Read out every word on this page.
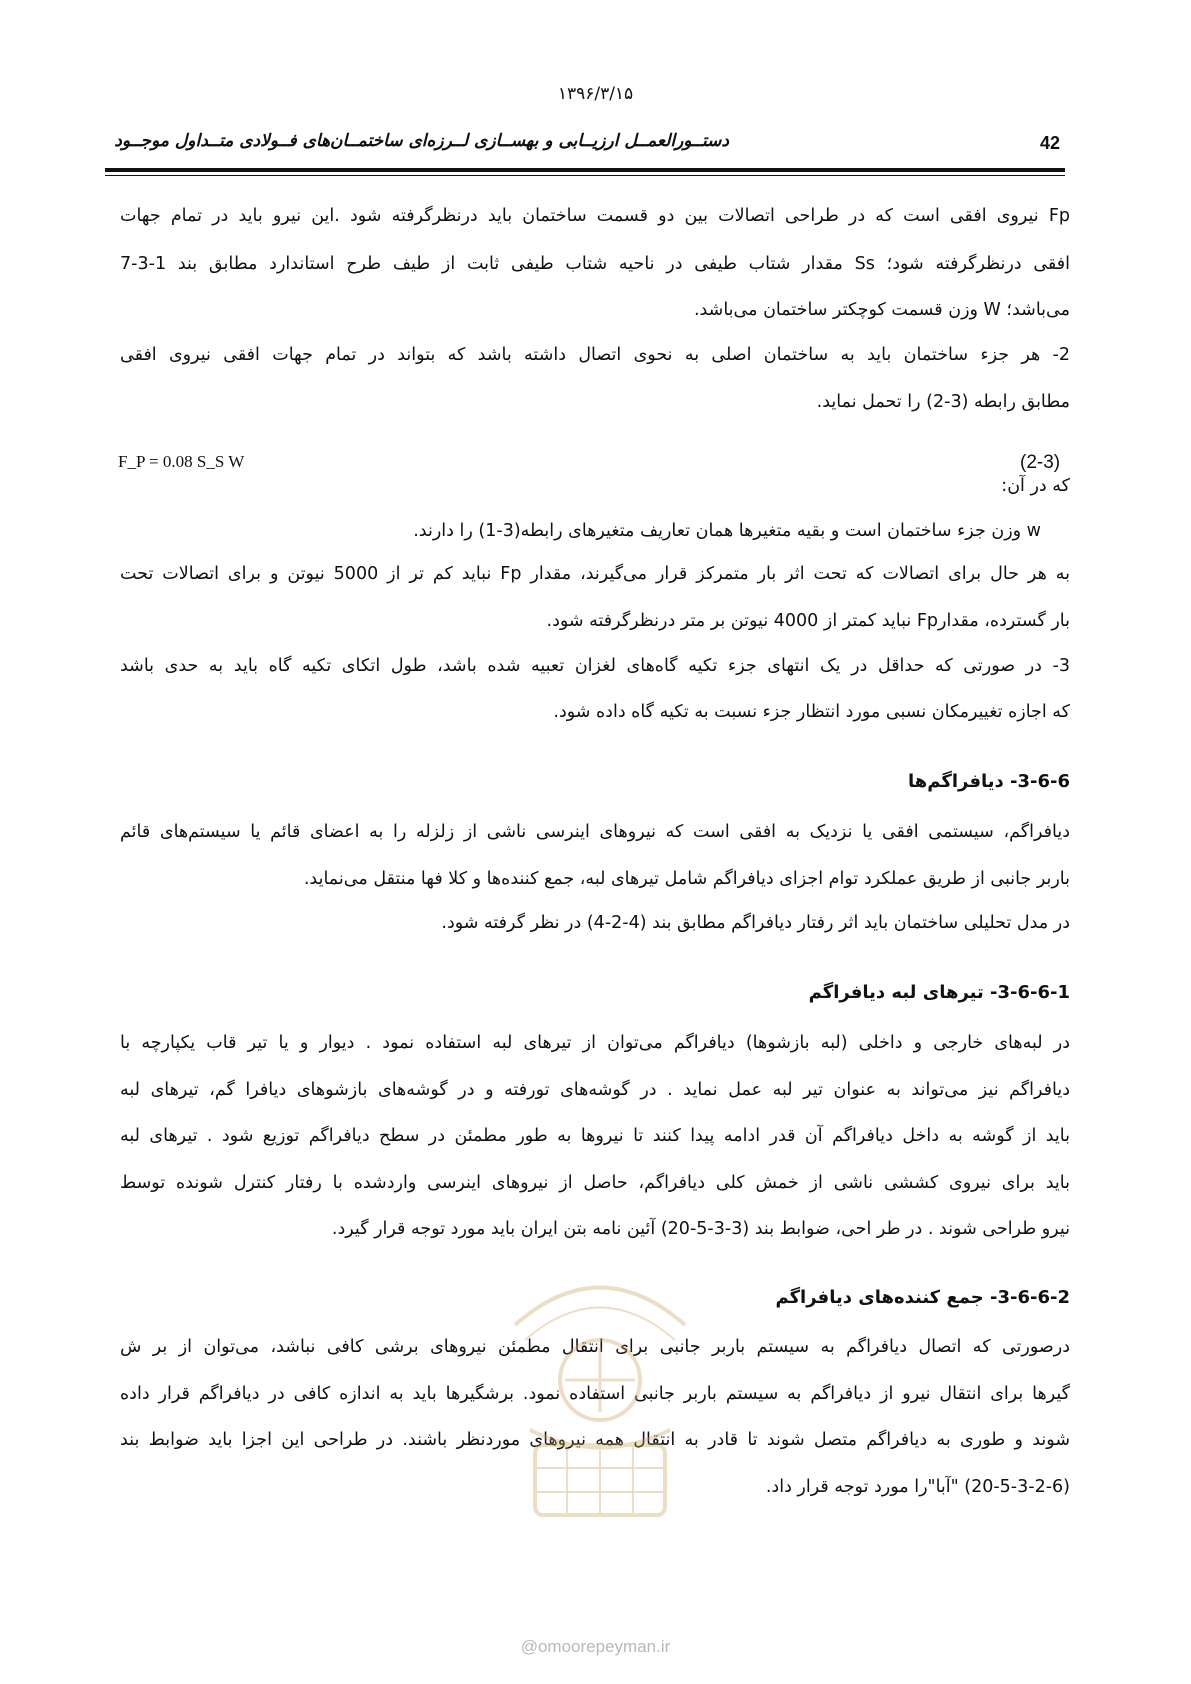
۱۳۹۶/۳/۱۵
42
دستــورالعمــل ارزیــابی و بهســازی لــرزه‌ای ساختمــان‌های فــولادی متــداول موجــود
Fp نیروی افقی است که در طراحی اتصالات بین دو قسمت ساختمان باید درنظرگرفته شود .این نیرو باید در تمام جهات
افقی درنظرگرفته شود؛ Ss مقدار شتاب طیفی در ناحیه شتاب طیفی ثابت از طیف طرح استاندارد مطابق بند 1-3-7
می‌باشد؛ W وزن قسمت کوچکتر ساختمان می‌باشد.
2- هر جزء ساختمان باید به ساختمان اصلی به نحوی اتصال داشته باشد که بتواند در تمام جهات افقی نیروی افقی
مطابق رابطه (3-2) را تحمل نماید.
F_P = 0.08 S_S W	(2-3)
که در آن:
w وزن جزء ساختمان است و بقیه متغیرها همان تعاریف متغیرهای رابطه(3-1) را دارند.
به هر حال برای اتصالات که تحت اثر بار متمرکز قرار می‌گیرند، مقدار Fp نباید کم تر از 5000 نیوتن و برای اتصالات تحت
بار گسترده، مقدارFp نباید کمتر از 4000 نیوتن بر متر درنظرگرفته شود.
3- در صورتی که حداقل در یک انتهای جزء تکیه گاه‌های لغزان تعبیه شده باشد، طول اتکای تکیه گاه باید به حدی باشد
که اجازه تغییرمکان نسبی مورد انتظار جزء نسبت به تکیه گاه داده شود.
3-6-6- دیافراگم‌ها
دیافراگم، سیستمی افقی یا نزدیک به افقی است که نیروهای اینرسی ناشی از زلزله را به اعضای قائم یا سیستم‌های قائم
باربر جانبی از طریق عملکرد توام اجزای دیافراگم شامل تیرهای لبه، جمع کننده‌ها و کلا فها منتقل می‌نماید.
در مدل تحلیلی ساختمان باید اثر رفتار دیافراگم مطابق بند (4-2-4) در نظر گرفته شود.
3-6-6-1- تیرهای لبه دیافراگم
در لبه‌های خارجی و داخلی (لبه بازشوها) دیافراگم می‌توان از تیرهای لبه استفاده نمود . دیوار و یا تیر قاب یکپارچه با
دیافراگم نیز می‌تواند به عنوان تیر لبه عمل نماید . در گوشه‌های تورفته و در گوشه‌های بازشوهای دیافرا گم، تیرهای لبه
باید از گوشه به داخل دیافراگم آن قدر ادامه پیدا کنند تا نیروها به طور مطمئن در سطح دیافراگم توزیع شود . تیرهای لبه
باید برای نیروی کششی ناشی از خمش کلی دیافراگم، حاصل از نیروهای اینرسی واردشده با رفتار کنترل شونده توسط
نیرو طراحی شوند . در طر احی، ضوابط بند (3-3-5-20) آئین نامه بتن ایران باید مورد توجه قرار گیرد.
3-6-6-2- جمع کننده‌های دیافراگم
درصورتی که اتصال دیافراگم به سیستم باربر جانبی برای انتقال مطمئن نیروهای برشی کافی نباشد، می‌توان از بر ش
گیرها برای انتقال نیرو از دیافراگم به سیستم باربر جانبی استفاده نمود. برشگیرها باید به اندازه کافی در دیافراگم قرار داده
شوند و طوری به دیافراگم متصل شوند تا قادر به انتقال همه نیروهای موردنظر باشند. در طراحی این اجزا باید ضوابط بند
(20-5-3-2-6) "آبا"را مورد توجه قرار داد.
@omoorepeyman.ir
